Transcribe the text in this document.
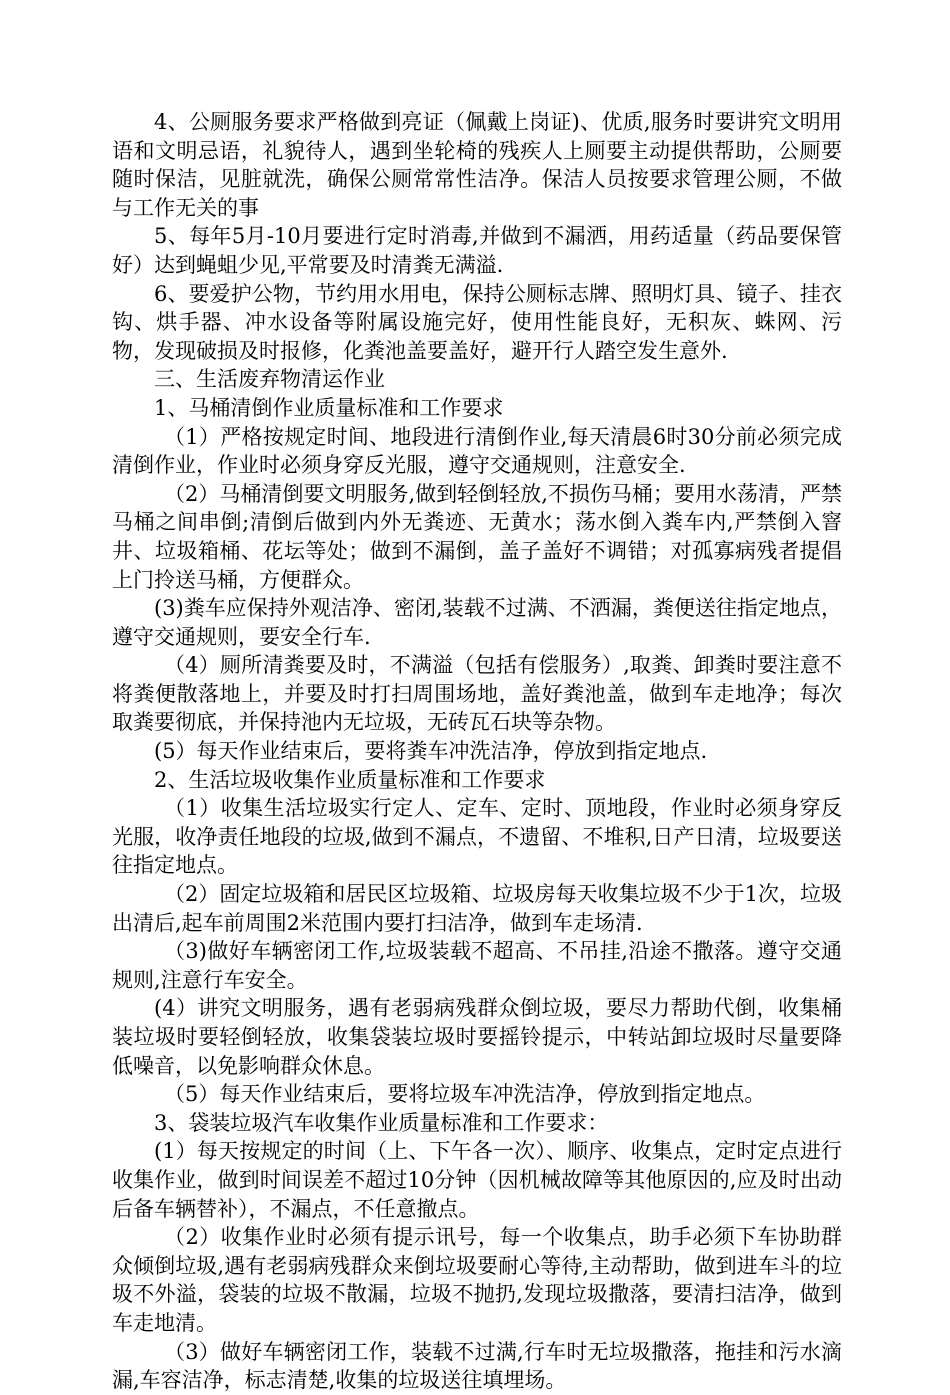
4、公厕服务要求严格做到亮证（佩戴上岗证)、优质,服务时要讲究文明用语和文明忌语，礼貌待人，遇到坐轮椅的残疾人上厕要主动提供帮助，公厕要随时保洁，见脏就洗，确保公厕常常性洁净。保洁人员按要求管理公厕，不做与工作无关的事

5、每年5月-10月要进行定时消毒,并做到不漏洒，用药适量（药品要保管好）达到蝇蛆少见,平常要及时清粪无满溢.

6、要爱护公物，节约用水用电，保持公厕标志牌、照明灯具、镜子、挂衣钩、烘手器、冲水设备等附属设施完好，使用性能良好，无积灰、蛛网、污物，发现破损及时报修，化粪池盖要盖好，避开行人踏空发生意外.

三、生活废弃物清运作业

1、马桶清倒作业质量标准和工作要求

（1）严格按规定时间、地段进行清倒作业,每天清晨6时30分前必须完成清倒作业，作业时必须身穿反光服，遵守交通规则，注意安全.

（2）马桶清倒要文明服务,做到轻倒轻放,不损伤马桶；要用水荡清，严禁马桶之间串倒;清倒后做到内外无粪迹、无黄水；荡水倒入粪车内,严禁倒入窨井、垃圾箱桶、花坛等处；做到不漏倒，盖子盖好不调错；对孤寡病残者提倡上门拎送马桶，方便群众。

(3)粪车应保持外观洁净、密闭,装载不过满、不洒漏，粪便送往指定地点，遵守交通规则，要安全行车.

（4）厕所清粪要及时，不满溢（包括有偿服务）,取粪、卸粪时要注意不将粪便散落地上，并要及时打扫周围场地，盖好粪池盖，做到车走地净；每次取粪要彻底，并保持池内无垃圾，无砖瓦石块等杂物。

(5）每天作业结束后，要将粪车冲洗洁净，停放到指定地点.

2、生活垃圾收集作业质量标准和工作要求

（1）收集生活垃圾实行定人、定车、定时、顶地段，作业时必须身穿反光服，收净责任地段的垃圾,做到不漏点，不遗留、不堆积,日产日清，垃圾要送往指定地点。

（2）固定垃圾箱和居民区垃圾箱、垃圾房每天收集垃圾不少于1次，垃圾出清后,起车前周围2米范围内要打扫洁净，做到车走场清.

（3)做好车辆密闭工作,垃圾装载不超高、不吊挂,沿途不撒落。遵守交通规则,注意行车安全。

(4）讲究文明服务，遇有老弱病残群众倒垃圾，要尽力帮助代倒，收集桶装垃圾时要轻倒轻放，收集袋装垃圾时要摇铃提示，中转站卸垃圾时尽量要降低噪音，以免影响群众休息。

（5）每天作业结束后，要将垃圾车冲洗洁净，停放到指定地点。

3、袋装垃圾汽车收集作业质量标准和工作要求：

(1）每天按规定的时间（上、下午各一次）、顺序、收集点，定时定点进行收集作业，做到时间误差不超过10分钟（因机械故障等其他原因的,应及时出动后备车辆替补），不漏点，不任意撤点。

（2）收集作业时必须有提示讯号，每一个收集点，助手必须下车协助群众倾倒垃圾,遇有老弱病残群众来倒垃圾要耐心等待,主动帮助，做到进车斗的垃圾不外溢，袋装的垃圾不散漏，垃圾不抛扔,发现垃圾撒落，要清扫洁净，做到车走地清。

（3）做好车辆密闭工作，装载不过满,行车时无垃圾撒落，拖挂和污水滴漏,车容洁净，标志清楚,收集的垃圾送往填埋场。
